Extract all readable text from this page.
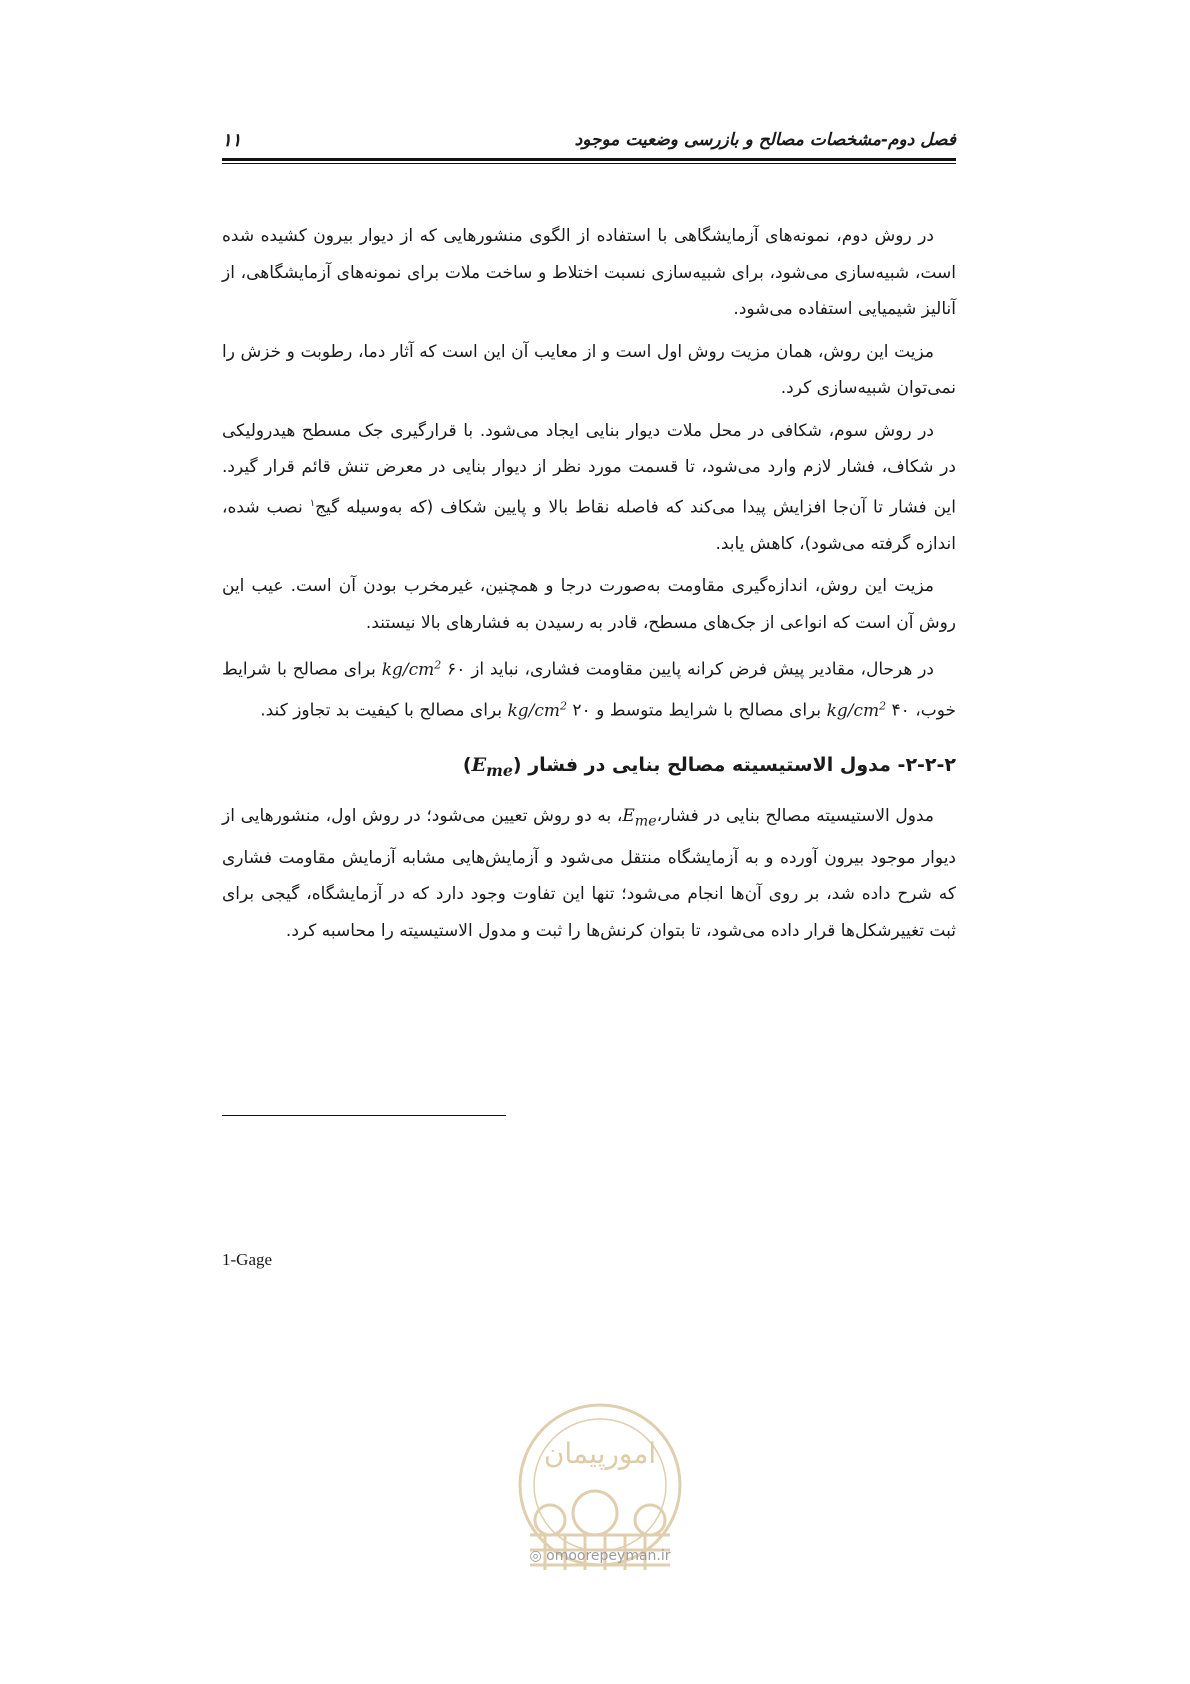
فصل دوم-مشخصات مصالح و بازرسی وضعیت موجود
۱۱

در روش دوم، نمونه‌های آزمایشگاهی با استفاده از الگوی منشورهایی که از دیوار بیرون کشیده شده است، شبیه‌سازی می‌شود، برای شبیه‌سازی نسبت اختلاط و ساخت ملات برای نمونه‌های آزمایشگاهی، از آنالیز شیمیایی استفاده می‌شود.

مزیت این روش، همان مزیت روش اول است و از معایب آن این است که آثار دما، رطوبت و خزش را نمی‌توان شبیه‌سازی کرد.

در روش سوم، شکافی در محل ملات دیوار بنایی ایجاد می‌شود. با قرارگیری جک مسطح هیدرولیکی در شکاف، فشار لازم وارد می‌شود، تا قسمت مورد نظر از دیوار بنایی در معرض تنش قائم قرار گیرد. این فشار تا آن‌جا افزایش پیدا می‌کند که فاصله نقاط بالا و پایین شکاف (که به‌وسیله گیج$^۱$ نصب شده، اندازه گرفته می‌شود)، کاهش یابد.

مزیت این روش، اندازه‌گیری مقاومت به‌صورت درجا و همچنین، غیرمخرب بودن آن است. عیب این روش آن است که انواعی از جک‌های مسطح، قادر به رسیدن به فشارهای بالا نیستند.

در هرحال، مقادیر پیش فرض کرانه پایین مقاومت فشاری، نباید از $kg/cm^2$ ۶۰ برای مصالح با شرایط خوب، $kg/cm^2$ ۴۰ برای مصالح با شرایط متوسط و $kg/cm^2$ ۲۰ برای مصالح با کیفیت بد تجاوز کند.

۲-۲-۲- مدول الاستیسیته مصالح بنایی در فشار $(E_{me})$

مدول الاستیسیته مصالح بنایی در $فشار،E_{me}،$ به دو روش تعیین می‌شود؛ در روش اول، منشورهایی از دیوار موجود بیرون آورده و به آزمایشگاه منتقل می‌شود و آزمایش‌هایی مشابه آزمایش مقاومت فشاری که شرح داده شد، بر روی آن‌ها انجام می‌شود؛ تنها این تفاوت وجود دارد که در آزمایشگاه، گیجی برای ثبت تغییرشکل‌ها قرار داده می‌شود، تا بتوان کرنش‌ها را ثبت و مدول الاستیسیته را محاسبه کرد.

1-Gage
امورپیمان
◎ omoorepeyman.ir
